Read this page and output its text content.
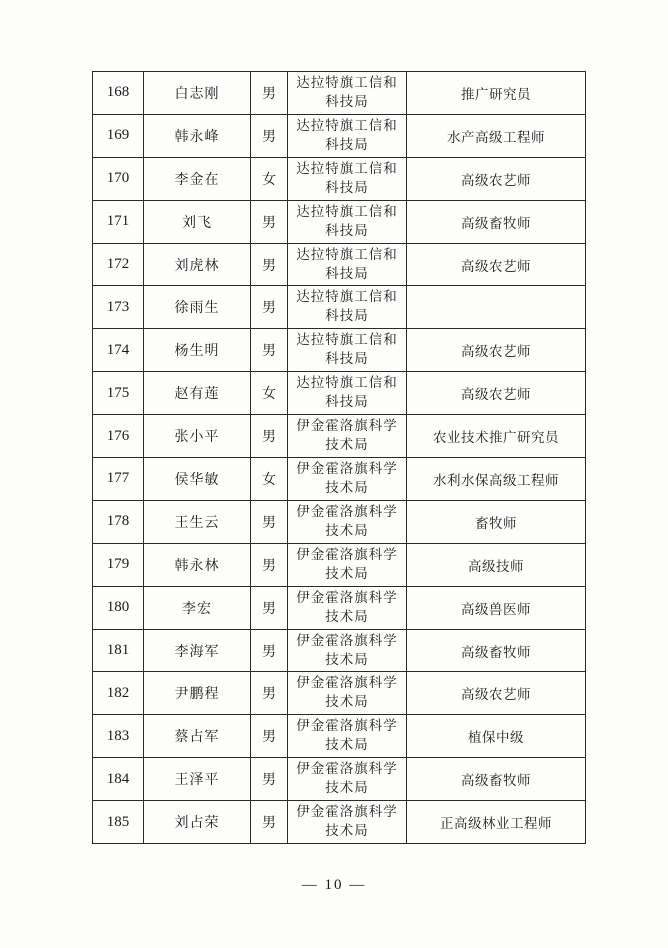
168	白志刚	男	达拉特旗工信和
科技局	推广研究员
169	韩永峰	男	达拉特旗工信和
科技局	水产高级工程师
170	李金在	女	达拉特旗工信和
科技局	高级农艺师
171	刘飞	男	达拉特旗工信和
科技局	高级畜牧师
172	刘虎林	男	达拉特旗工信和
科技局	高级农艺师
173	徐雨生	男	达拉特旗工信和
科技局	

174	杨生明	男	达拉特旗工信和
科技局	高级农艺师
175	赵有莲	女	达拉特旗工信和
科技局	高级农艺师
176	张小平	男	伊金霍洛旗科学
技术局	农业技术推广研究员
177	侯华敏	女	伊金霍洛旗科学
技术局	水利水保高级工程师
178	王生云	男	伊金霍洛旗科学
技术局	畜牧师
179	韩永林	男	伊金霍洛旗科学
技术局	高级技师
180	李宏	男	伊金霍洛旗科学
技术局	高级兽医师
181	李海军	男	伊金霍洛旗科学
技术局	高级畜牧师
182	尹鹏程	男	伊金霍洛旗科学
技术局	高级农艺师
183	蔡占军	男	伊金霍洛旗科学
技术局	植保中级
184	王泽平	男	伊金霍洛旗科学
技术局	高级畜牧师
185	刘占荣	男	伊金霍洛旗科学
技术局	正高级林业工程师
— 10 —
